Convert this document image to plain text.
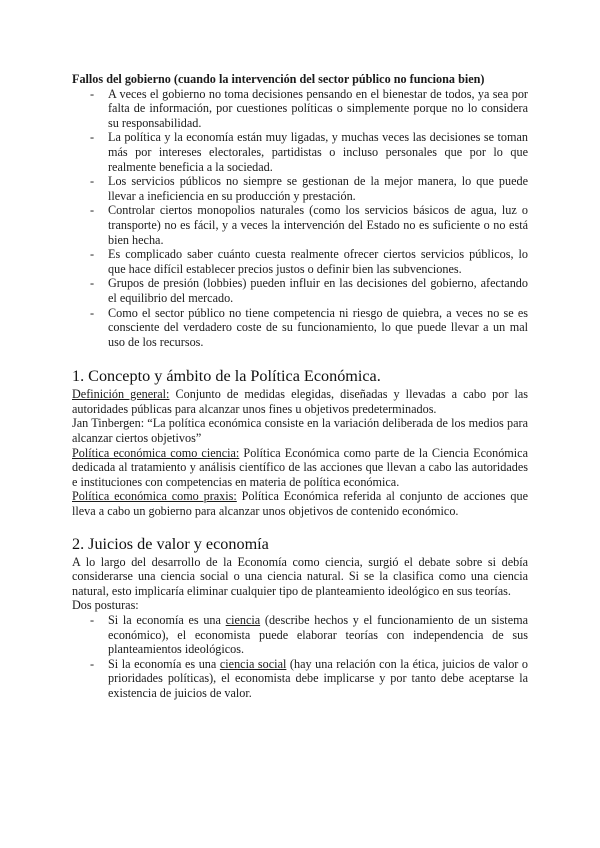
Fallos del gobierno (cuando la intervención del sector público no funciona bien)

- A veces el gobierno no toma decisiones pensando en el bienestar de todos, ya sea por falta de información, por cuestiones políticas o simplemente porque no lo considera su responsabilidad.
- La política y la economía están muy ligadas, y muchas veces las decisiones se toman más por intereses electorales, partidistas o incluso personales que por lo que realmente beneficia a la sociedad.
- Los servicios públicos no siempre se gestionan de la mejor manera, lo que puede llevar a ineficiencia en su producción y prestación.
- Controlar ciertos monopolios naturales (como los servicios básicos de agua, luz o transporte) no es fácil, y a veces la intervención del Estado no es suficiente o no está bien hecha.
- Es complicado saber cuánto cuesta realmente ofrecer ciertos servicios públicos, lo que hace difícil establecer precios justos o definir bien las subvenciones.
- Grupos de presión (lobbies) pueden influir en las decisiones del gobierno, afectando el equilibrio del mercado.
- Como el sector público no tiene competencia ni riesgo de quiebra, a veces no se es consciente del verdadero coste de su funcionamiento, lo que puede llevar a un mal uso de los recursos.
1. Concepto y ámbito de la Política Económica.

Definición general: Conjunto de medidas elegidas, diseñadas y llevadas a cabo por las autoridades públicas para alcanzar unos fines u objetivos predeterminados.

Jan Tinbergen: “La política económica consiste en la variación deliberada de los medios para alcanzar ciertos objetivos”

Política económica como ciencia: Política Económica como parte de la Ciencia Económica dedicada al tratamiento y análisis científico de las acciones que llevan a cabo las autoridades e instituciones con competencias en materia de política económica.

Política económica como praxis: Política Económica referida al conjunto de acciones que lleva a cabo un gobierno para alcanzar unos objetivos de contenido económico.

2. Juicios de valor y economía

A lo largo del desarrollo de la Economía como ciencia, surgió el debate sobre si debía considerarse una ciencia social o una ciencia natural. Si se la clasifica como una ciencia natural, esto implicaría eliminar cualquier tipo de planteamiento ideológico en sus teorías.

Dos posturas:

- Si la economía es una ciencia (describe hechos y el funcionamiento de un sistema económico), el economista puede elaborar teorías con independencia de sus planteamientos ideológicos.
- Si la economía es una ciencia social (hay una relación con la ética, juicios de valor o prioridades políticas), el economista debe implicarse y por tanto debe aceptarse la existencia de juicios de valor.
